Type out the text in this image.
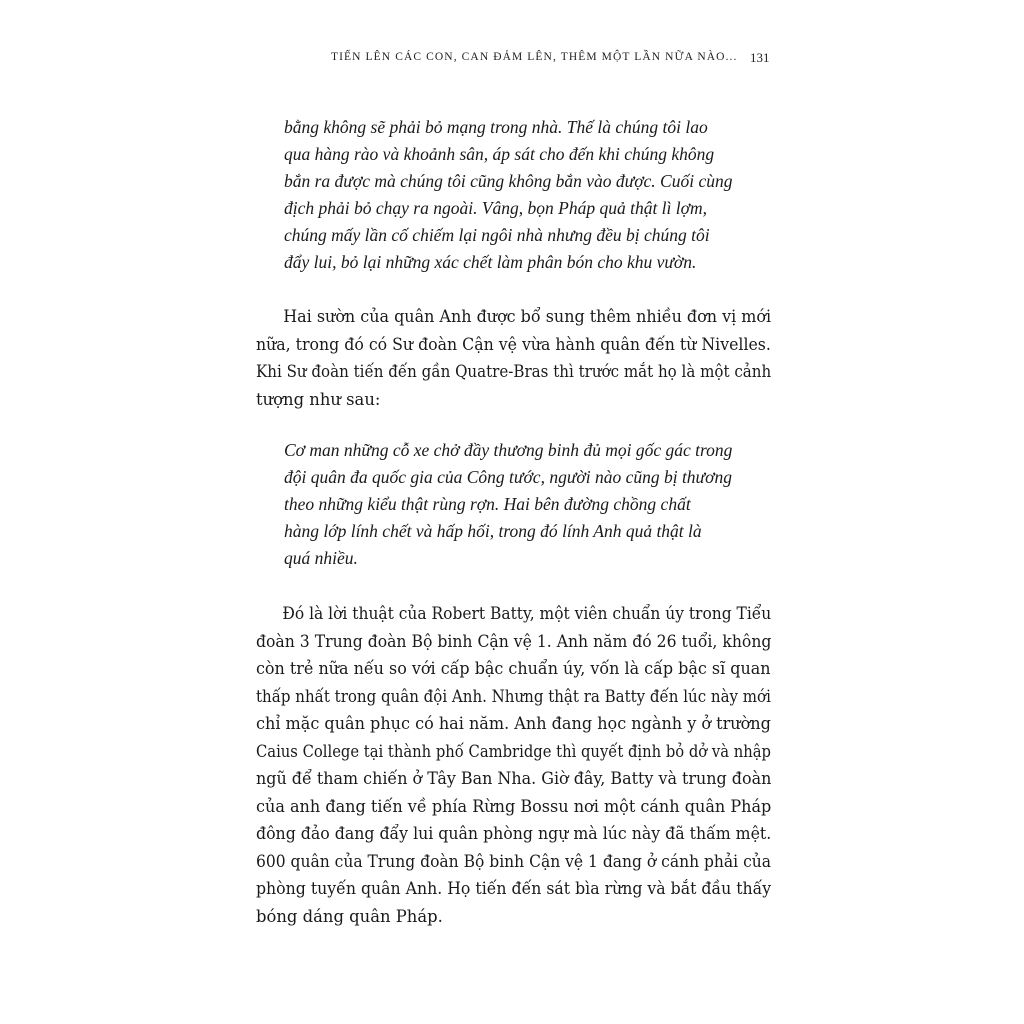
TIẾN LÊN CÁC CON, CAN ĐẢM LÊN, THÊM MỘT LẦN NỮA NÀO... 131
bằng không sẽ phải bỏ mạng trong nhà. Thế là chúng tôi lao
qua hàng rào và khoảnh sân, áp sát cho đến khi chúng không
bắn ra được mà chúng tôi cũng không bắn vào được. Cuối cùng
địch phải bỏ chạy ra ngoài. Vâng, bọn Pháp quả thật lì lợm,
chúng mấy lần cố chiếm lại ngôi nhà nhưng đều bị chúng tôi
đẩy lui, bỏ lại những xác chết làm phân bón cho khu vườn.
Hai sườn của quân Anh được bổ sung thêm nhiều đơn vị mới
nữa, trong đó có Sư đoàn Cận vệ vừa hành quân đến từ Nivelles.
Khi Sư đoàn tiến đến gần Quatre-Bras thì trước mắt họ là một cảnh
tượng như sau:
Cơ man những cỗ xe chở đầy thương binh đủ mọi gốc gác trong
đội quân đa quốc gia của Công tước, người nào cũng bị thương
theo những kiểu thật rùng rợn. Hai bên đường chồng chất
hàng lớp lính chết và hấp hối, trong đó lính Anh quả thật là
quá nhiều.
Đó là lời thuật của Robert Batty, một viên chuẩn úy trong Tiểu
đoàn 3 Trung đoàn Bộ binh Cận vệ 1. Anh năm đó 26 tuổi, không
còn trẻ nữa nếu so với cấp bậc chuẩn úy, vốn là cấp bậc sĩ quan
thấp nhất trong quân đội Anh. Nhưng thật ra Batty đến lúc này mới
chỉ mặc quân phục có hai năm. Anh đang học ngành y ở trường
Caius College tại thành phố Cambridge thì quyết định bỏ dở và nhập
ngũ để tham chiến ở Tây Ban Nha. Giờ đây, Batty và trung đoàn
của anh đang tiến về phía Rừng Bossu nơi một cánh quân Pháp
đông đảo đang đẩy lui quân phòng ngự mà lúc này đã thấm mệt.
600 quân của Trung đoàn Bộ binh Cận vệ 1 đang ở cánh phải của
phòng tuyến quân Anh. Họ tiến đến sát bìa rừng và bắt đầu thấy
bóng dáng quân Pháp.
